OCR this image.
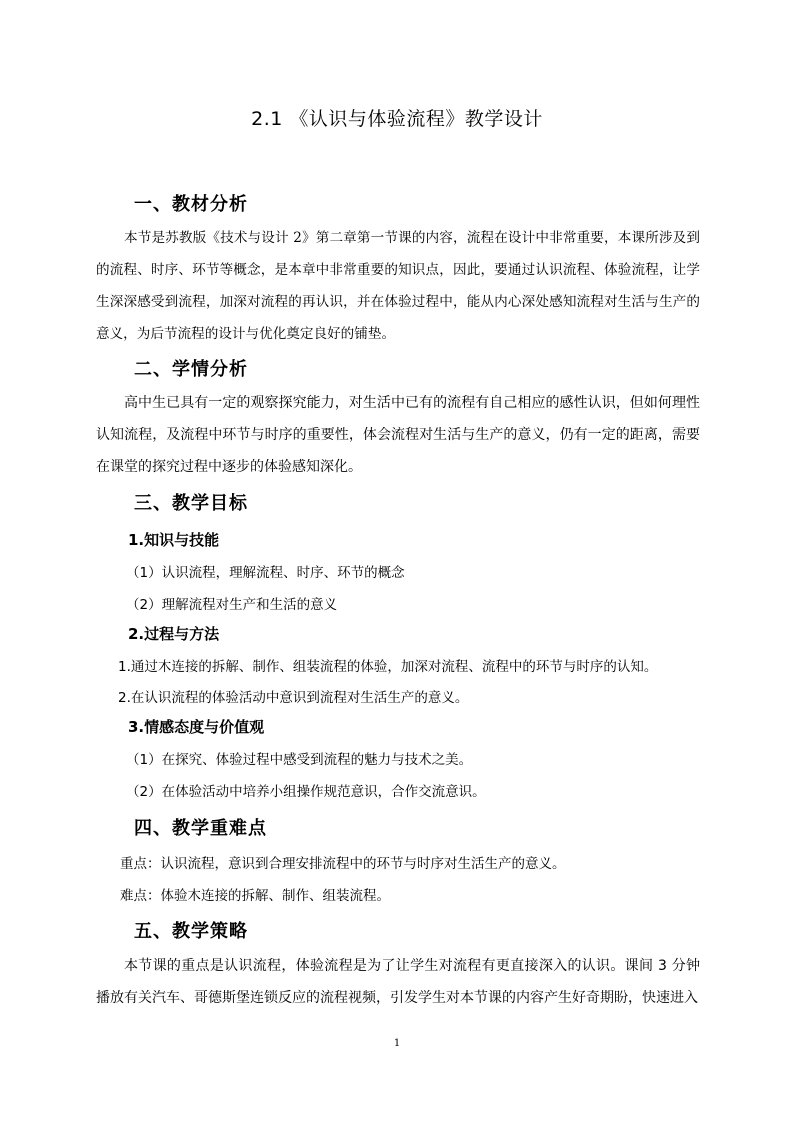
2.1 《认识与体验流程》教学设计
一、教材分析
本节是苏教版《技术与设计 2》第二章第一节课的内容，流程在设计中非常重要，本课所涉及到的流程、时序、环节等概念，是本章中非常重要的知识点，因此，要通过认识流程、体验流程，让学生深深感受到流程，加深对流程的再认识，并在体验过程中，能从内心深处感知流程对生活与生产的意义，为后节流程的设计与优化奠定良好的铺垫。
二、学情分析
高中生已具有一定的观察探究能力，对生活中已有的流程有自己相应的感性认识，但如何理性认知流程，及流程中环节与时序的重要性，体会流程对生活与生产的意义，仍有一定的距离，需要在课堂的探究过程中逐步的体验感知深化。
三、教学目标
1.知识与技能
（1）认识流程，理解流程、时序、环节的概念
（2）理解流程对生产和生活的意义
2.过程与方法
1.通过木连接的拆解、制作、组装流程的体验，加深对流程、流程中的环节与时序的认知。
2.在认识流程的体验活动中意识到流程对生活生产的意义。
3.情感态度与价值观
（1）在探究、体验过程中感受到流程的魅力与技术之美。
（2）在体验活动中培养小组操作规范意识，合作交流意识。
四、教学重难点
重点：认识流程，意识到合理安排流程中的环节与时序对生活生产的意义。
难点：体验木连接的拆解、制作、组装流程。
五、教学策略
本节课的重点是认识流程，体验流程是为了让学生对流程有更直接深入的认识。课间 3 分钟播放有关汽车、哥德斯堡连锁反应的流程视频，引发学生对本节课的内容产生好奇期盼，快速进入
1
